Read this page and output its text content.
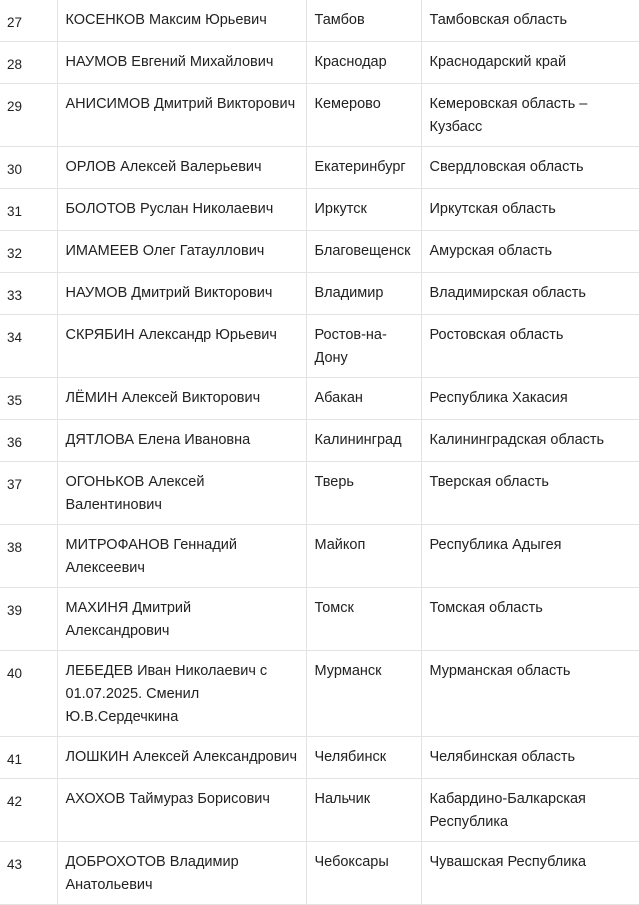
27	КОСЕНКОВ Максим Юрьевич	Тамбов	Тамбовская область
28	НАУМОВ Евгений Михайлович	Краснодар	Краснодарский край
29	АНИСИМОВ Дмитрий Викторович	Кемерово	Кемеровская область – Кузбасс
30	ОРЛОВ Алексей Валерьевич	Екатеринбург	Свердловская область
31	БОЛОТОВ Руслан Николаевич	Иркутск	Иркутская область
32	ИМАМЕЕВ Олег Гатауллович	Благовещенск	Амурская область
33	НАУМОВ Дмитрий Викторович	Владимир	Владимирская область
34	СКРЯБИН Александр Юрьевич	Ростов-на-Дону	Ростовская область
35	ЛЁМИН Алексей Викторович	Абакан	Республика Хакасия
36	ДЯТЛОВА Елена Ивановна	Калининград	Калининградская область
37	ОГОНЬКОВ Алексей Валентинович	Тверь	Тверская область
38	МИТРОФАНОВ Геннадий Алексеевич	Майкоп	Республика Адыгея
39	МАХИНЯ Дмитрий Александрович	Томск	Томская область
40	ЛЕБЕДЕВ Иван Николаевич с 01.07.2025. Сменил Ю.В.Сердечкина	Мурманск	Мурманская область
41	ЛОШКИН Алексей Александрович	Челябинск	Челябинская область
42	АХОХОВ Таймураз Борисович	Нальчик	Кабардино-Балкарская Республика
43	ДОБРОХОТОВ Владимир Анатольевич	Чебоксары	Чувашская Республика
